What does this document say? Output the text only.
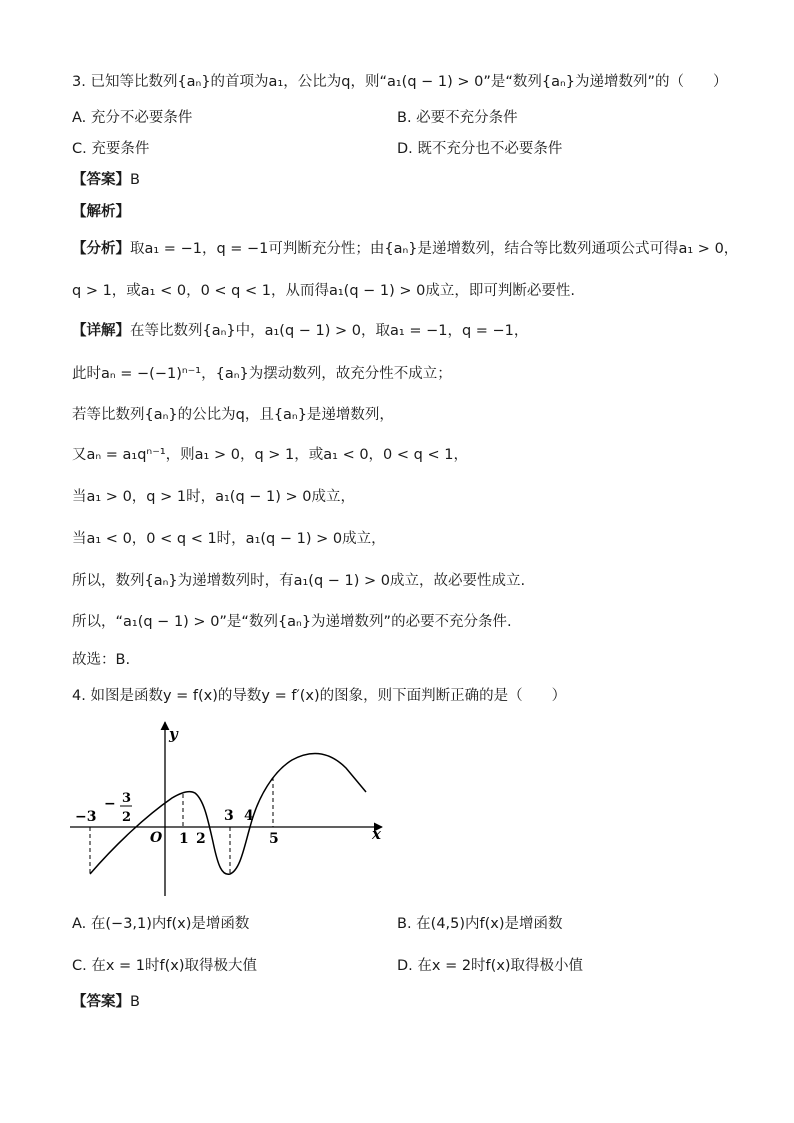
3. 已知等比数列{aₙ}的首项为a₁，公比为q，则“a₁(q − 1) > 0”是“数列{aₙ}为递增数列”的（　　）
A. 充分不必要条件	B. 必要不充分条件
C. 充要条件	D. 既不充分也不必要条件
【答案】B
【解析】
【分析】取a₁ = −1，q = −1可判断充分性；由{aₙ}是递增数列，结合等比数列通项公式可得a₁ > 0，
q > 1，或a₁ < 0，0 < q < 1，从而得a₁(q − 1) > 0成立，即可判断必要性.
【详解】在等比数列{aₙ}中，a₁(q − 1) > 0，取a₁ = −1，q = −1，
此时aₙ = −(−1)ⁿ⁻¹，{aₙ}为摆动数列，故充分性不成立；
若等比数列{aₙ}的公比为q，且{aₙ}是递增数列，
又aₙ = a₁qⁿ⁻¹，则a₁ > 0，q > 1，或a₁ < 0，0 < q < 1，
当a₁ > 0，q > 1时，a₁(q − 1) > 0成立，
当a₁ < 0，0 < q < 1时，a₁(q − 1) > 0成立，
所以，数列{aₙ}为递增数列时，有a₁(q − 1) > 0成立，故必要性成立.
所以，“a₁(q − 1) > 0”是“数列{aₙ}为递增数列”的必要不充分条件.
故选：B.
4. 如图是函数y = f(x)的导数y = f′(x)的图象，则下面判断正确的是（　　）
y
x
O
−3
− 3
2
1 2
3 4
5
A. 在(−3,1)内f(x)是增函数	B. 在(4,5)内f(x)是增函数
C. 在x = 1时f(x)取得极大值	D. 在x = 2时f(x)取得极小值
【答案】B
